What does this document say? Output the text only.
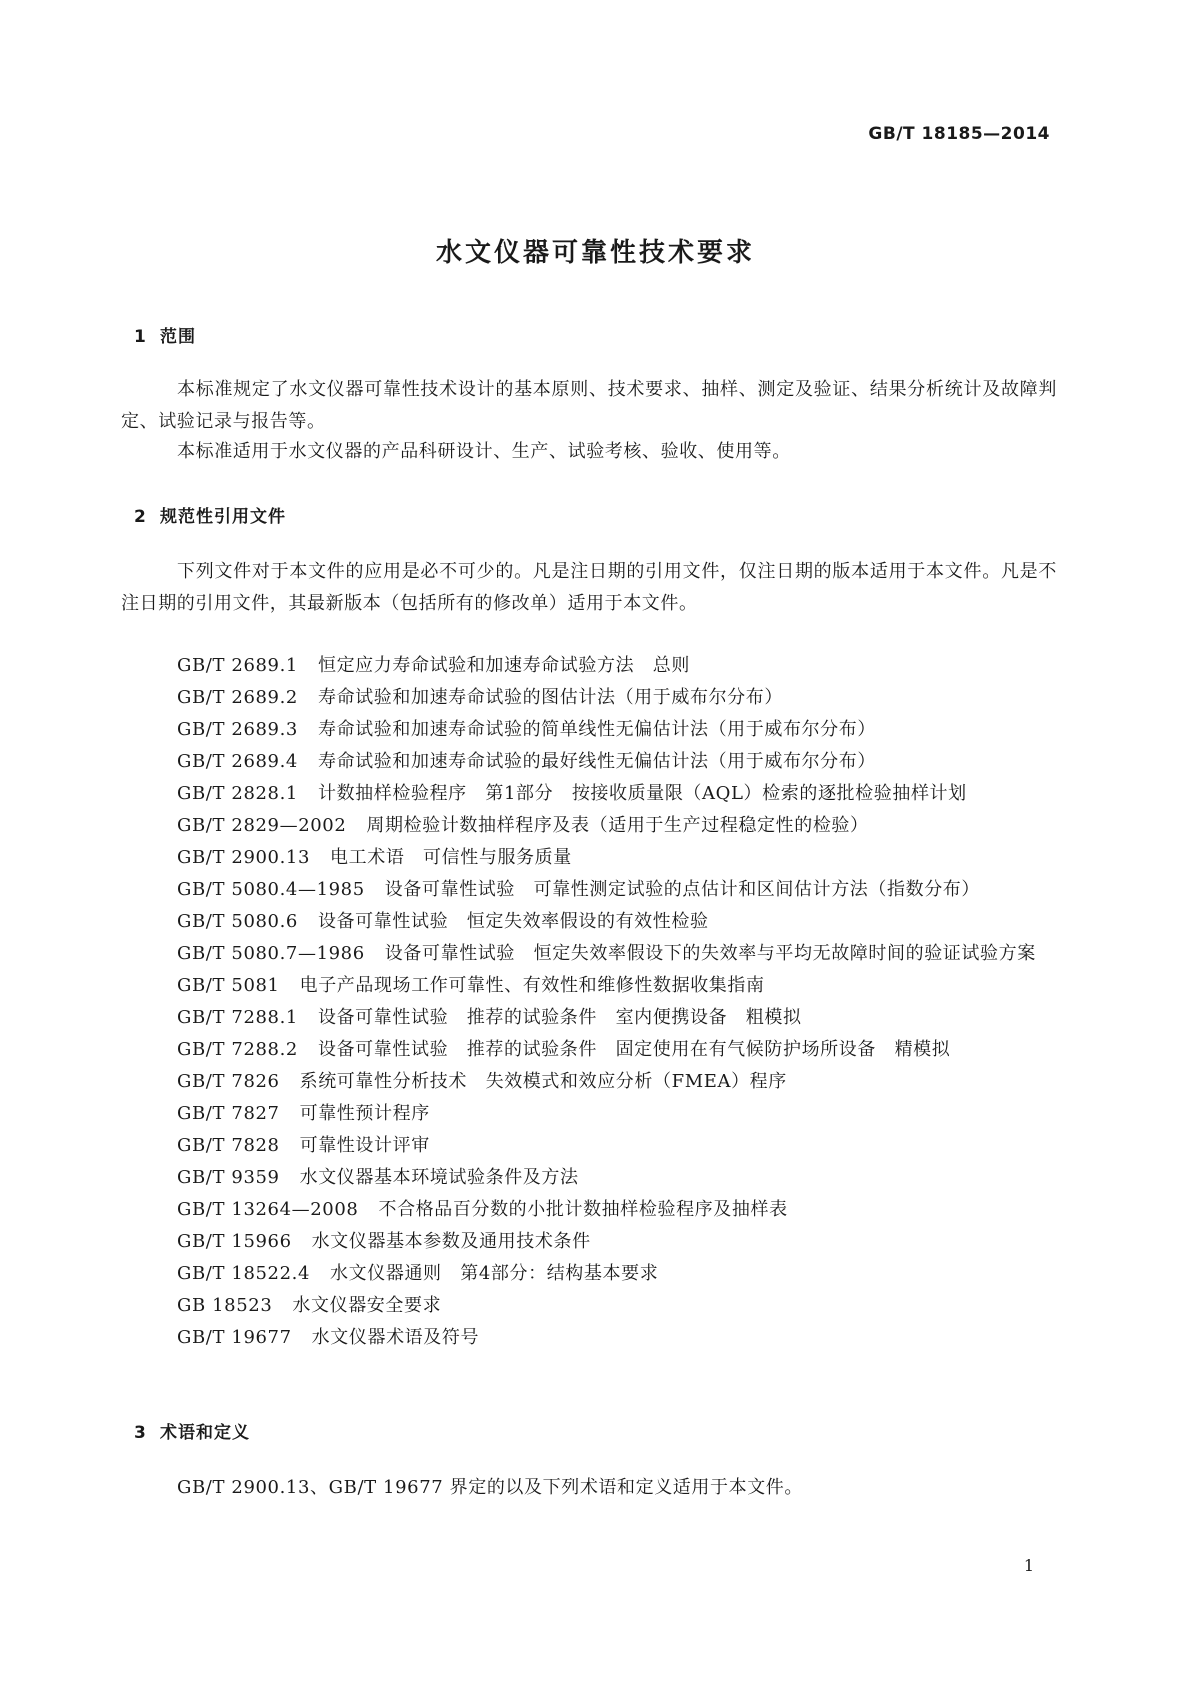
GB/T 18185—2014
水文仪器可靠性技术要求
1 范围
本标准规定了水文仪器可靠性技术设计的基本原则、技术要求、抽样、测定及验证、结果分析统计及故障判定、试验记录与报告等。
本标准适用于水文仪器的产品科研设计、生产、试验考核、验收、使用等。
2 规范性引用文件
下列文件对于本文件的应用是必不可少的。凡是注日期的引用文件，仅注日期的版本适用于本文件。凡是不注日期的引用文件，其最新版本（包括所有的修改单）适用于本文件。
GB/T 2689.1 恒定应力寿命试验和加速寿命试验方法　总则
GB/T 2689.2 寿命试验和加速寿命试验的图估计法（用于威布尔分布）
GB/T 2689.3 寿命试验和加速寿命试验的简单线性无偏估计法（用于威布尔分布）
GB/T 2689.4 寿命试验和加速寿命试验的最好线性无偏估计法（用于威布尔分布）
GB/T 2828.1 计数抽样检验程序　第1部分　按接收质量限（AQL）检索的逐批检验抽样计划
GB/T 2829—2002 周期检验计数抽样程序及表（适用于生产过程稳定性的检验）
GB/T 2900.13 电工术语　可信性与服务质量
GB/T 5080.4—1985 设备可靠性试验　可靠性测定试验的点估计和区间估计方法（指数分布）
GB/T 5080.6 设备可靠性试验　恒定失效率假设的有效性检验
GB/T 5080.7—1986 设备可靠性试验　恒定失效率假设下的失效率与平均无故障时间的验证试验方案
GB/T 5081 电子产品现场工作可靠性、有效性和维修性数据收集指南
GB/T 7288.1 设备可靠性试验　推荐的试验条件　室内便携设备　粗模拟
GB/T 7288.2 设备可靠性试验　推荐的试验条件　固定使用在有气候防护场所设备　精模拟
GB/T 7826 系统可靠性分析技术　失效模式和效应分析（FMEA）程序
GB/T 7827 可靠性预计程序
GB/T 7828 可靠性设计评审
GB/T 9359 水文仪器基本环境试验条件及方法
GB/T 13264—2008 不合格品百分数的小批计数抽样检验程序及抽样表
GB/T 15966 水文仪器基本参数及通用技术条件
GB/T 18522.4 水文仪器通则　第4部分：结构基本要求
GB 18523 水文仪器安全要求
GB/T 19677 水文仪器术语及符号
3 术语和定义
GB/T 2900.13、GB/T 19677 界定的以及下列术语和定义适用于本文件。
1
